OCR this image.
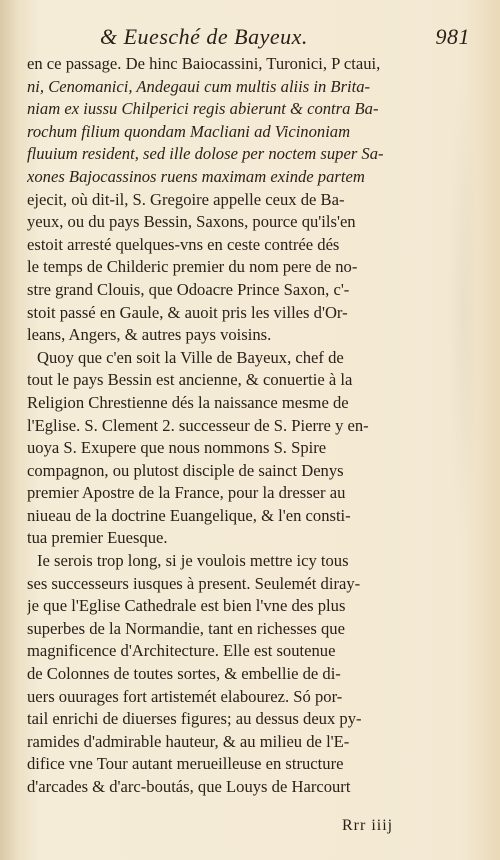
& Euesché de Bayeux.	981
en ce passage. De hinc Baiocassini, Turonici, P ctaui,
ni, Cenomanici, Andegaui cum multis aliis in Brita-
niam ex iussu Chilperici regis abierunt & contra Ba-
rochum filium quondam Macliani ad Vicinoniam
fluuium resident, sed ille dolose per noctem super Sa-
xones Bajocassinos ruens maximam exinde partem
ejecit, où dit-il, S. Gregoire appelle ceux de Ba-
yeux, ou du pays Bessin, Saxons, pource qu'ils'en
estoit arresté quelques-vns en ceste contrée dés
le temps de Childeric premier du nom pere de no-
stre grand Clouis, que Odoacre Prince Saxon, c'-
stoit passé en Gaule, & auoit pris les villes d'Or-
leans, Angers, & autres pays voisins.
Quoy que c'en soit la Ville de Bayeux, chef de
tout le pays Bessin est ancienne, & conuertie à la
Religion Chrestienne dés la naissance mesme de
l'Eglise. S. Clement 2. successeur de S. Pierre y en-
uoya S. Exupere que nous nommons S. Spire
compagnon, ou plutost disciple de sainct Denys
premier Apostre de la France, pour la dresser au
niueau de la doctrine Euangelique, & l'en consti-
tua premier Euesque.
Ie serois trop long, si je voulois mettre icy tous
ses successeurs iusques à present. Seulemét diray-
je que l'Eglise Cathedrale est bien l'vne des plus
superbes de la Normandie, tant en richesses que
magnificence d'Architecture. Elle est soutenue
de Colonnes de toutes sortes, & embellie de di-
uers ouurages fort artistemét elabourez. Só por-
tail enrichi de diuerses figures; au dessus deux py-
ramides d'admirable hauteur, & au milieu de l'E-
difice vne Tour autant merueilleuse en structure
d'arcades & d'arc-boutás, que Louys de Harcourt
Rrr iiij
